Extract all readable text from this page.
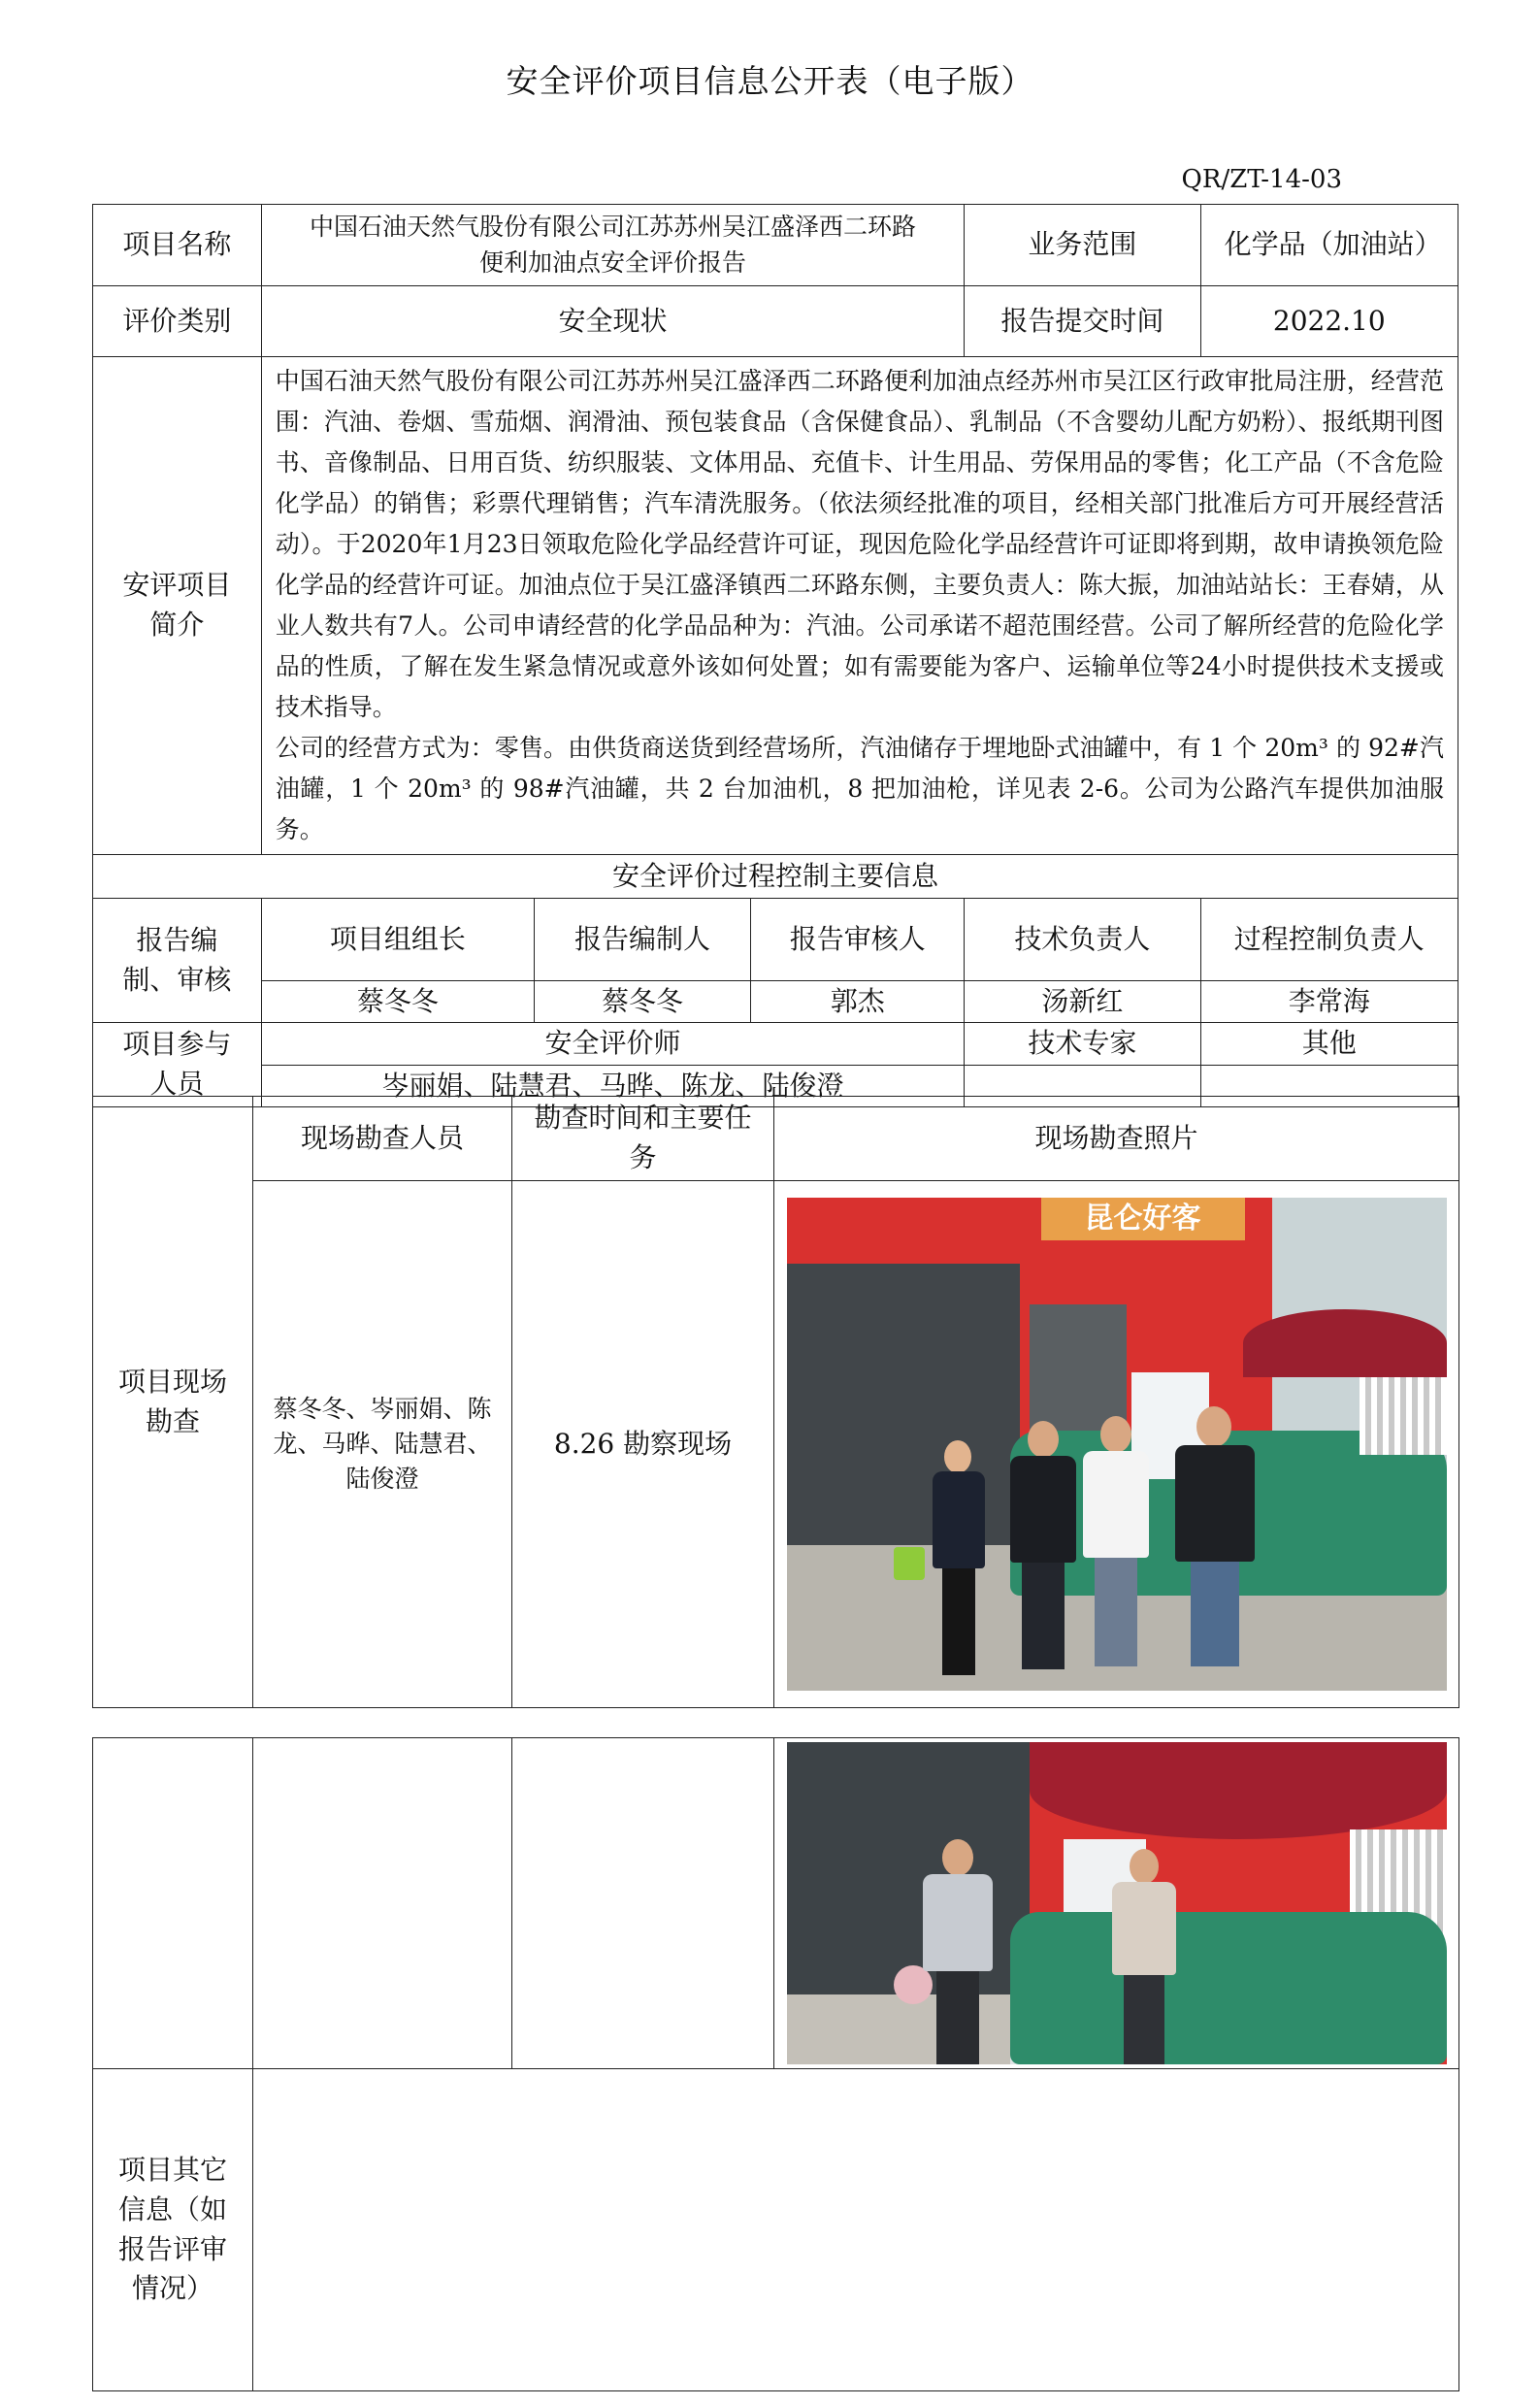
安全评价项目信息公开表（电子版）
QR/ZT-14-03
项目名称	中国石油天然气股份有限公司江苏苏州吴江盛泽西二环路便利加油点安全评价报告			业务范围	化学品（加油站）
评价类别	安全现状			报告提交时间	2022.10
安评项目简介	中国石油天然气股份有限公司江苏苏州吴江盛泽西二环路便利加油点经苏州市吴江区行政审批局注册，经营范围：汽油、卷烟、雪茄烟、润滑油、预包装食品（含保健食品）、乳制品（不含婴幼儿配方奶粉）、报纸期刊图书、音像制品、日用百货、纺织服装、文体用品、充值卡、计生用品、劳保用品的零售；化工产品（不含危险化学品）的销售；彩票代理销售；汽车清洗服务。（依法须经批准的项目，经相关部门批准后方可开展经营活动）。于2020年1月23日领取危险化学品经营许可证，现因危险化学品经营许可证即将到期，故申请换领危险化学品的经营许可证。加油点位于吴江盛泽镇西二环路东侧，主要负责人：陈大振，加油站站长：王春婧，从业人数共有7人。公司申请经营的化学品品种为：汽油。公司承诺不超范围经营。公司了解所经营的危险化学品的性质，了解在发生紧急情况或意外该如何处置；如有需要能为客户、运输单位等24小时提供技术支援或技术指导。

公司的经营方式为：零售。由供货商送货到经营场所，汽油储存于埋地卧式油罐中，有 1 个 20m³ 的 92#汽油罐，1 个 20m³ 的 98#汽油罐，共 2 台加油机，8 把加油枪，详见表 2-6。公司为公路汽车提供加油服务。				

安全评价过程控制主要信息					
报告编制、审核	项目组组长	报告编制人	报告审核人	技术负责人	过程控制负责人
	蔡冬冬	蔡冬冬	郭杰	汤新红	李常海
项目参与人员	安全评价师			技术专家	其他
	岑丽娟、陆慧君、马晔、陈龙、陆俊澄				
项目现场勘查	现场勘查人员	勘查时间和主要任务	现场勘查照片
	蔡冬冬、岑丽娟、陈龙、马晔、陆慧君、陆俊澄	8.26 勘察现场	昆仑好客

项目其它信息（如报告评审情况）			
